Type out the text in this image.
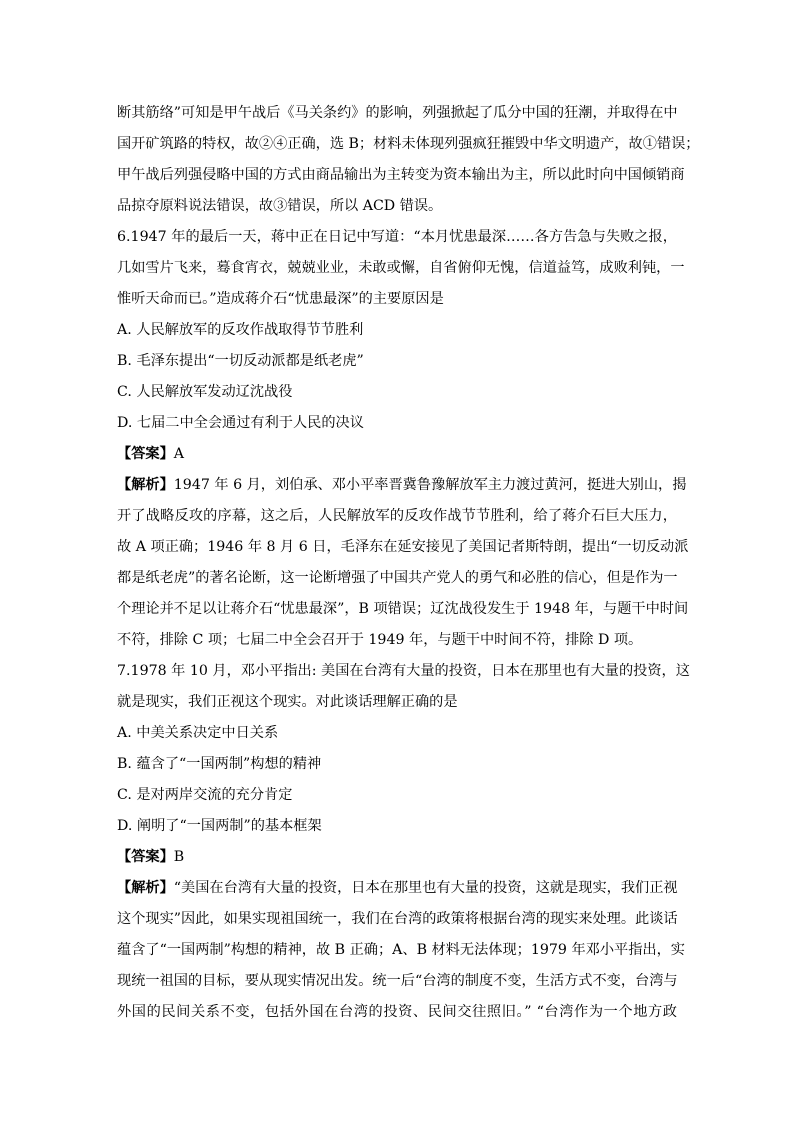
断其筋络”可知是甲午战后《马关条约》的影响，列强掀起了瓜分中国的狂潮，并取得在中
国开矿筑路的特权，故②④正确，选 B；材料未体现列强疯狂摧毁中华文明遗产，故①错误；
甲午战后列强侵略中国的方式由商品输出为主转变为资本输出为主，所以此时向中国倾销商
品掠夺原料说法错误，故③错误，所以 ACD 错误。
6.1947 年的最后一天，蒋中正在日记中写道：“本月忧患最深……各方告急与失败之报，
几如雪片飞来，蓦食宵衣，兢兢业业，未敢或懈，自省俯仰无愧，信道益笃，成败利钝，一
惟听天命而已。”造成蒋介石“忧患最深”的主要原因是
A. 人民解放军的反攻作战取得节节胜利
B. 毛泽东提出“一切反动派都是纸老虎”
C. 人民解放军发动辽沈战役
D. 七届二中全会通过有利于人民的决议
【答案】A
【解析】1947 年 6 月，刘伯承、邓小平率晋冀鲁豫解放军主力渡过黄河，挺进大别山，揭
开了战略反攻的序幕，这之后，人民解放军的反攻作战节节胜利，给了蒋介石巨大压力，
故 A 项正确；1946 年 8 月 6 日，毛泽东在延安接见了美国记者斯特朗，提出“一切反动派
都是纸老虎”的著名论断，这一论断增强了中国共产党人的勇气和必胜的信心，但是作为一
个理论并不足以让蒋介石“忧患最深”，B 项错误；辽沈战役发生于 1948 年，与题干中时间
不符，排除 C 项；七届二中全会召开于 1949 年，与题干中时间不符，排除 D 项。
7.1978 年 10 月，邓小平指出: 美国在台湾有大量的投资，日本在那里也有大量的投资，这
就是现实，我们正视这个现实。对此谈话理解正确的是
A. 中美关系决定中日关系
B. 蕴含了“一国两制”构想的精神
C. 是对两岸交流的充分肯定
D. 阐明了“一国两制”的基本框架
【答案】B
【解析】“美国在台湾有大量的投资，日本在那里也有大量的投资，这就是现实，我们正视
这个现实”因此，如果实现祖国统一，我们在台湾的政策将根据台湾的现实来处理。此谈话
蕴含了“一国两制”构想的精神，故 B 正确；A、B 材料无法体现；1979 年邓小平指出，实
现统一祖国的目标，要从现实情况出发。统一后“台湾的制度不变，生活方式不变，台湾与
外国的民间关系不变，包括外国在台湾的投资、民间交往照旧。” “台湾作为一个地方政
